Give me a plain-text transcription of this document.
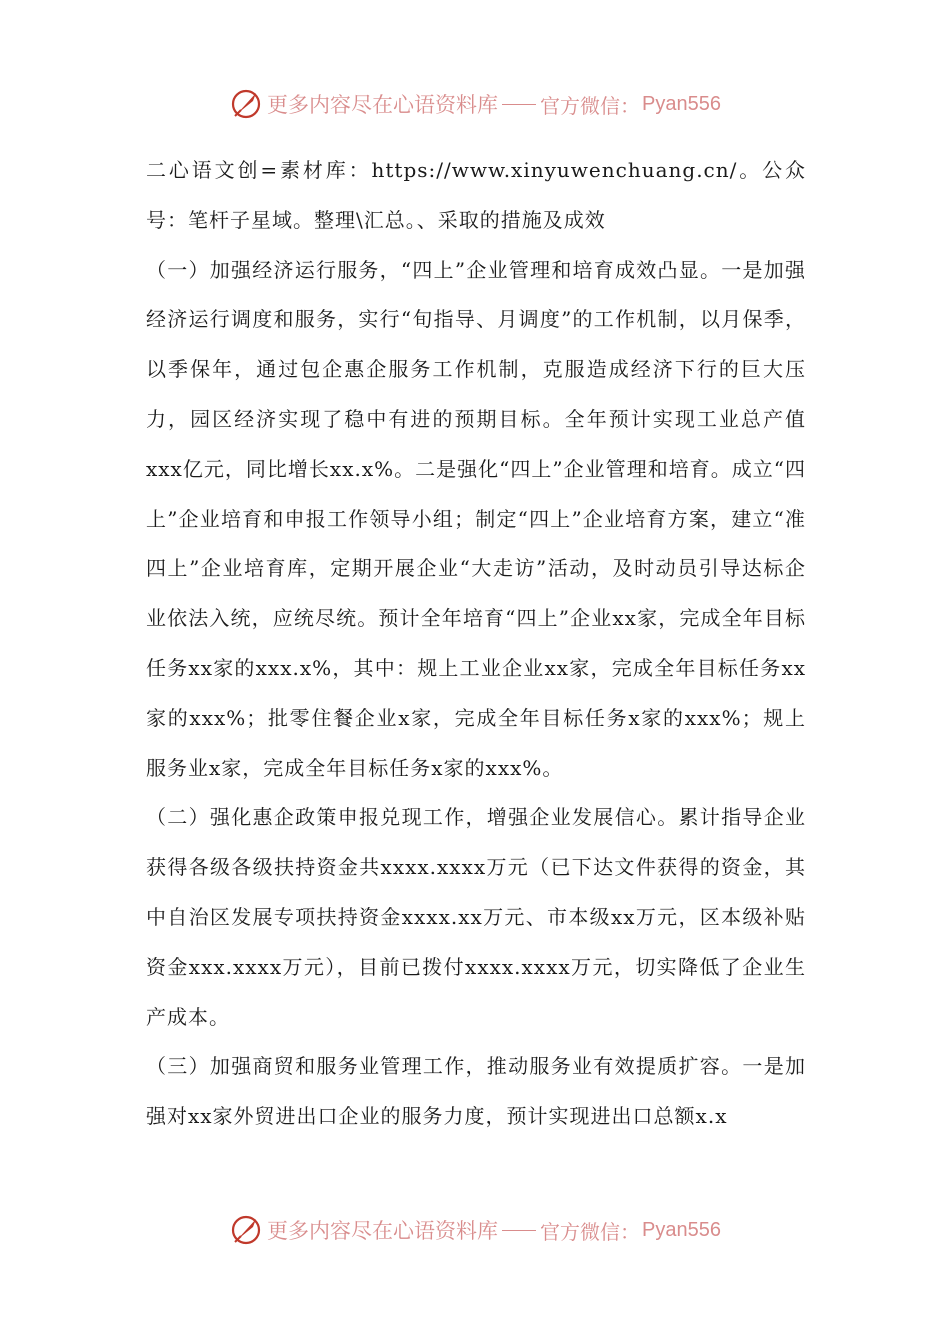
更多内容尽在心语资料库 官方微信： Pyan556

二心语文创=素材库：https://www.xinyuwenchuang.cn/。公众号：笔杆子星域。整理\汇总。、采取的措施及成效

（一）加强经济运行服务，“四上”企业管理和培育成效凸显。一是加强经济运行调度和服务，实行“旬指导、月调度”的工作机制，以月保季，以季保年，通过包企惠企服务工作机制，克服造成经济下行的巨大压力，园区经济实现了稳中有进的预期目标。全年预计实现工业总产值xxx亿元，同比增长xx.x%。二是强化“四上”企业管理和培育。成立“四上”企业培育和申报工作领导小组；制定“四上”企业培育方案，建立“准四上”企业培育库，定期开展企业“大走访”活动，及时动员引导达标企业依法入统，应统尽统。预计全年培育“四上”企业xx家，完成全年目标任务xx家的xxx.x%，其中：规上工业企业xx家，完成全年目标任务xx家的xxx%；批零住餐企业x家，完成全年目标任务x家的xxx%；规上服务业x家，完成全年目标任务x家的xxx%。

（二）强化惠企政策申报兑现工作，增强企业发展信心。累计指导企业获得各级各级扶持资金共xxxx.xxxx万元（已下达文件获得的资金，其中自治区发展专项扶持资金xxxx.xx万元、市本级xx万元，区本级补贴资金xxx.xxxx万元），目前已拨付xxxx.xxxx万元，切实降低了企业生产成本。

（三）加强商贸和服务业管理工作，推动服务业有效提质扩容。一是加强对xx家外贸进出口企业的服务力度，预计实现进出口总额x.x

更多内容尽在心语资料库 官方微信： Pyan556
